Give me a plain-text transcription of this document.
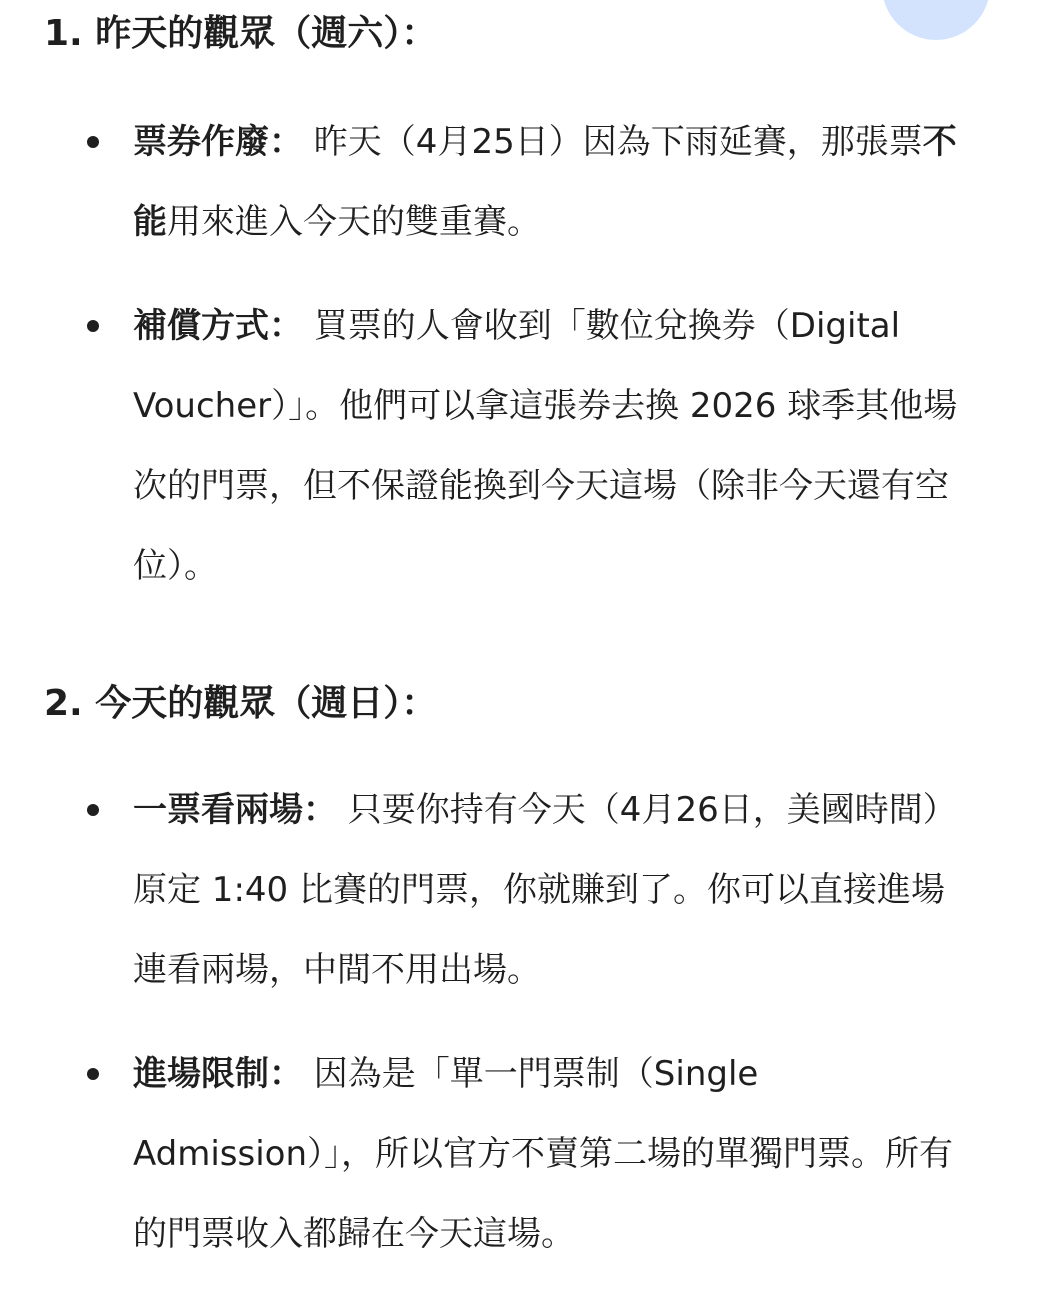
1. 昨天的觀眾（週六）：
票券作廢： 昨天（4月25日）因為下雨延賽，那張票不能用來進入今天的雙重賽。
補償方式： 買票的人會收到「數位兌換券（Digital Voucher）」。他們可以拿這張券去換 2026 球季其他場次的門票，但不保證能換到今天這場（除非今天還有空位）。
2. 今天的觀眾（週日）：
一票看兩場： 只要你持有今天（4月26日，美國時間）原定 1:40 比賽的門票，你就賺到了。你可以直接進場連看兩場，中間不用出場。
進場限制： 因為是「單一門票制（Single Admission）」，所以官方不賣第二場的單獨門票。所有的門票收入都歸在今天這場。
